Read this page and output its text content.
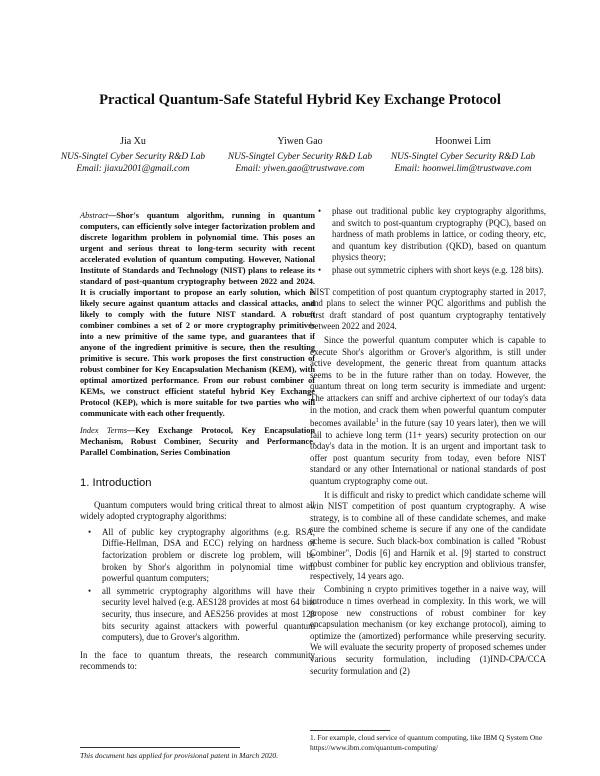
Practical Quantum-Safe Stateful Hybrid Key Exchange Protocol
Jia Xu
NUS-Singtel Cyber Security R&D Lab
Email: jiaxu2001@gmail.com
Yiwen Gao
NUS-Singtel Cyber Security R&D Lab
Email: yiwen.gao@trustwave.com
Hoonwei Lim
NUS-Singtel Cyber Security R&D Lab
Email: hoonwei.lim@trustwave.com
Abstract—Shor's quantum algorithm, running in quantum computers, can efficiently solve integer factorization problem and discrete logarithm problem in polynomial time. This poses an urgent and serious threat to long-term security with recent accelerated evolution of quantum computing. However, National Institute of Standards and Technology (NIST) plans to release its standard of post-quantum cryptography between 2022 and 2024. It is crucially important to propose an early solution, which is likely secure against quantum attacks and classical attacks, and likely to comply with the future NIST standard. A robust combiner combines a set of 2 or more cryptography primitives into a new primitive of the same type, and guarantees that if anyone of the ingredient primitive is secure, then the resulting primitive is secure. This work proposes the first construction of robust combiner for Key Encapsulation Mechanism (KEM), with optimal amortized performance. From our robust combiner of KEMs, we construct efficient stateful hybrid Key Exchange Protocol (KEP), which is more suitable for two parties who will communicate with each other frequently.
Index Terms—Key Exchange Protocol, Key Encapsulation Mechanism, Robust Combiner, Security and Performance, Parallel Combination, Series Combination
1. Introduction

Quantum computers would bring critical threat to almost all widely adopted cryptography algorithms:

• All of public key cryptography algorithms (e.g. RSA, Diffie-Hellman, DSA and ECC) relying on hardness of factorization problem or discrete log problem, will be broken by Shor's algorithm in polynomial time with powerful quantum computers;
• all symmetric cryptography algorithms will have their security level halved (e.g. AES128 provides at most 64 bits security, thus insecure, and AES256 provides at most 128 bits security against attackers with powerful quantum computers), due to Grover's algorithm.

In the face to quantum threats, the research community recommends to:

• phase out traditional public key cryptography algorithms, and switch to post-quantum cryptography (PQC), based on hardness of math problems in lattice, or coding theory, etc, and quantum key distribution (QKD), based on quantum physics theory;
• phase out symmetric ciphers with short keys (e.g. 128 bits).

NIST competition of post quantum cryptography started in 2017, and plans to select the winner PQC algorithms and publish the first draft standard of post quantum cryptography tentatively between 2022 and 2024.

Since the powerful quantum computer which is capable to execute Shor's algorithm or Grover's algorithm, is still under active development, the generic threat from quantum attacks seems to be in the future rather than on today. However, the quantum threat on long term security is immediate and urgent: The attackers can sniff and archive ciphertext of our today's data in the motion, and crack them when powerful quantum computer becomes available$^1$ in the future (say 10 years later), then we will fail to achieve long term (11+ years) security protection on our today's data in the motion. It is an urgent and important task to offer post quantum security from today, even before NIST standard or any other International or national standards of post quantum cryptography come out.

It is difficult and risky to predict which candidate scheme will win NIST competition of post quantum cryptography. A wise strategy, is to combine all of these candidate schemes, and make sure the combined scheme is secure if any one of the candidate scheme is secure. Such black-box combination is called "Robust Combiner", Dodis [6] and Harnik et al. [9] started to construct robust combiner for public key encryption and oblivious transfer, respectively, 14 years ago.

Combining n crypto primitives together in a naive way, will introduce n times overhead in complexity. In this work, we will propose new constructions of robust combiner for key encapsulation mechanism (or key exchange protocol), aiming to optimize the (amortized) performance while preserving security. We will evaluate the security property of proposed schemes under various security formulation, including (1)IND-CPA/CCA security formulation and (2)

This document has applied for provisional patent in March 2020.
1. For example, cloud service of quantum computing, like IBM Q System One https://www.ibm.com/quantum-computing/
